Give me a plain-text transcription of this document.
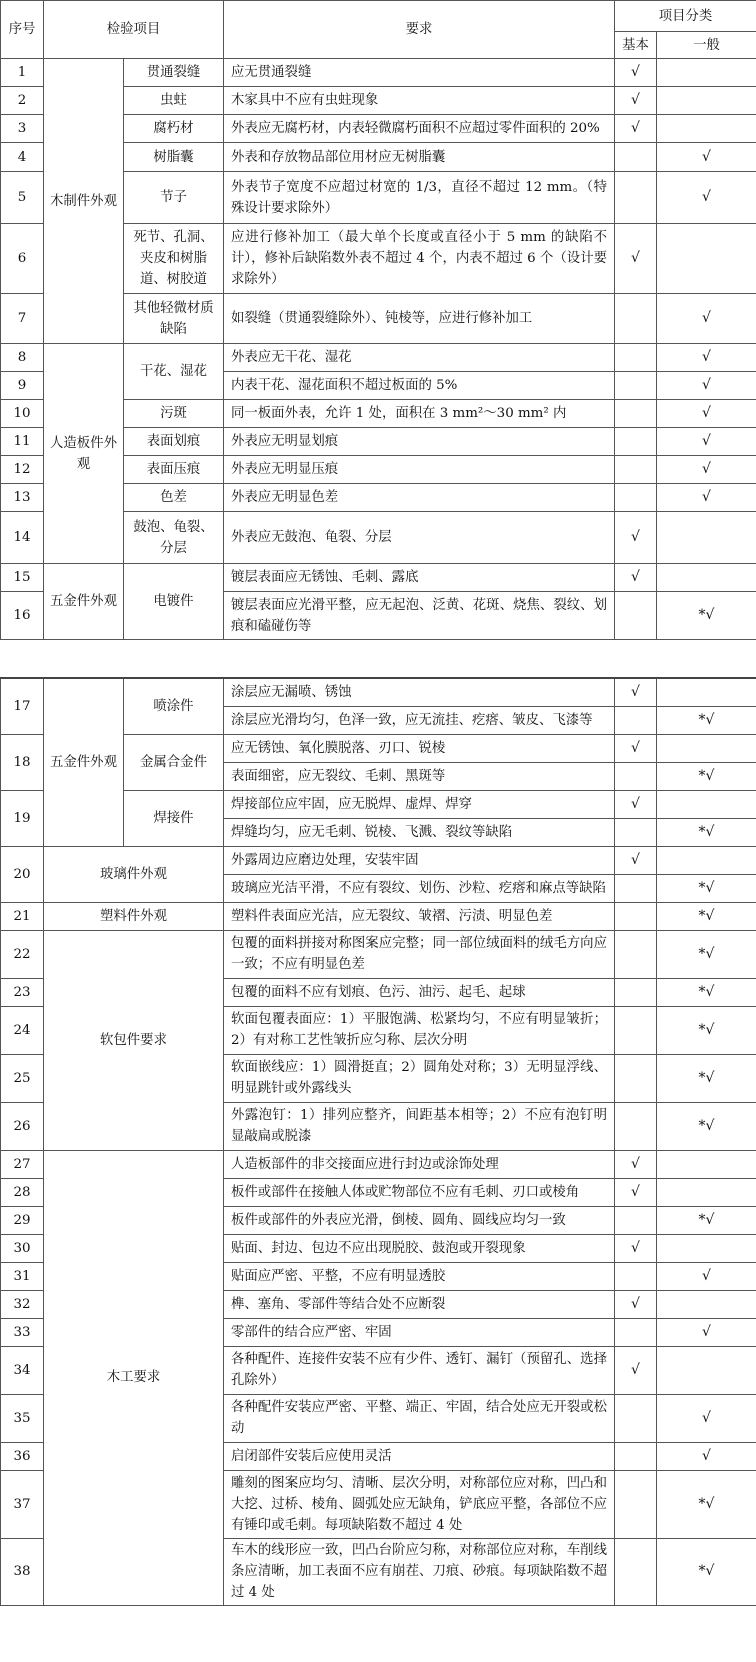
序号	检验项目		要求	项目分类	
				基本	一般
1	木制件外观	贯通裂缝	应无贯通裂缝	√	
2		虫蛀	木家具中不应有虫蛀现象	√	
3		腐朽材	外表应无腐朽材，内表轻微腐朽面积不应超过零件面积的 20%	√	
4		树脂囊	外表和存放物品部位用材应无树脂囊		√
5		节子	外表节子宽度不应超过材宽的 1/3，直径不超过 12 mm。（特殊设计要求除外）		√
6		死节、孔洞、夹皮和树脂道、树胶道	应进行修补加工（最大单个长度或直径小于 5 mm 的缺陷不计），修补后缺陷数外表不超过 4 个，内表不超过 6 个（设计要求除外）	√	
7		其他轻微材质缺陷	如裂缝（贯通裂缝除外）、钝棱等，应进行修补加工		√
8	人造板件外观	干花、湿花	外表应无干花、湿花		√
9			内表干花、湿花面积不超过板面的 5%		√
10		污斑	同一板面外表，允许 1 处，面积在 3 mm²～30 mm² 内		√
11		表面划痕	外表应无明显划痕		√
12		表面压痕	外表应无明显压痕		√
13		色差	外表应无明显色差		√
14		鼓泡、龟裂、分层	外表应无鼓泡、龟裂、分层	√	
15	五金件外观	电镀件	镀层表面应无锈蚀、毛刺、露底	√	
16			镀层表面应光滑平整，应无起泡、泛黄、花斑、烧焦、裂纹、划痕和磕碰伤等		*√
17	五金件外观	喷涂件	涂层应无漏喷、锈蚀	√	
			涂层应光滑均匀，色泽一致，应无流挂、疙瘩、皱皮、飞漆等		*√
18		金属合金件	应无锈蚀、氧化膜脱落、刃口、锐棱	√	
			表面细密，应无裂纹、毛刺、黑斑等		*√
19		焊接件	焊接部位应牢固，应无脱焊、虚焊、焊穿	√	
			焊缝均匀，应无毛刺、锐棱、飞溅、裂纹等缺陷		*√
20	玻璃件外观		外露周边应磨边处理，安装牢固	√	
			玻璃应光洁平滑，不应有裂纹、划伤、沙粒、疙瘩和麻点等缺陷		*√
21	塑料件外观		塑料件表面应光洁，应无裂纹、皱褶、污渍、明显色差		*√
22	软包件要求		包覆的面料拼接对称图案应完整；同一部位绒面料的绒毛方向应一致；不应有明显色差		*√
23			包覆的面料不应有划痕、色污、油污、起毛、起球		*√
24			软面包覆表面应：1）平服饱满、松紧均匀，不应有明显皱折；2）有对称工艺性皱折应匀称、层次分明		*√
25			软面嵌线应：1）圆滑挺直；2）圆角处对称；3）无明显浮线、明显跳针或外露线头		*√
26			外露泡钉：1）排列应整齐，间距基本相等；2）不应有泡钉明显敲扁或脱漆		*√
27	木工要求		人造板部件的非交接面应进行封边或涂饰处理	√	
28			板件或部件在接触人体或贮物部位不应有毛刺、刃口或棱角	√	
29			板件或部件的外表应光滑，倒棱、圆角、圆线应均匀一致		*√
30			贴面、封边、包边不应出现脱胶、鼓泡或开裂现象	√	
31			贴面应严密、平整，不应有明显透胶		√
32			榫、塞角、零部件等结合处不应断裂	√	
33			零部件的结合应严密、牢固		√
34			各种配件、连接件安装不应有少件、透钉、漏钉（预留孔、选择孔除外）	√	
35			各种配件安装应严密、平整、端正、牢固，结合处应无开裂或松动		√
36			启闭部件安装后应使用灵活		√
37			雕刻的图案应均匀、清晰、层次分明，对称部位应对称，凹凸和大挖、过桥、棱角、圆弧处应无缺角，铲底应平整，各部位不应有锤印或毛刺。每项缺陷数不超过 4 处		*√
38			车木的线形应一致，凹凸台阶应匀称，对称部位应对称，车削线条应清晰，加工表面不应有崩茬、刀痕、砂痕。每项缺陷数不超过 4 处		*√
